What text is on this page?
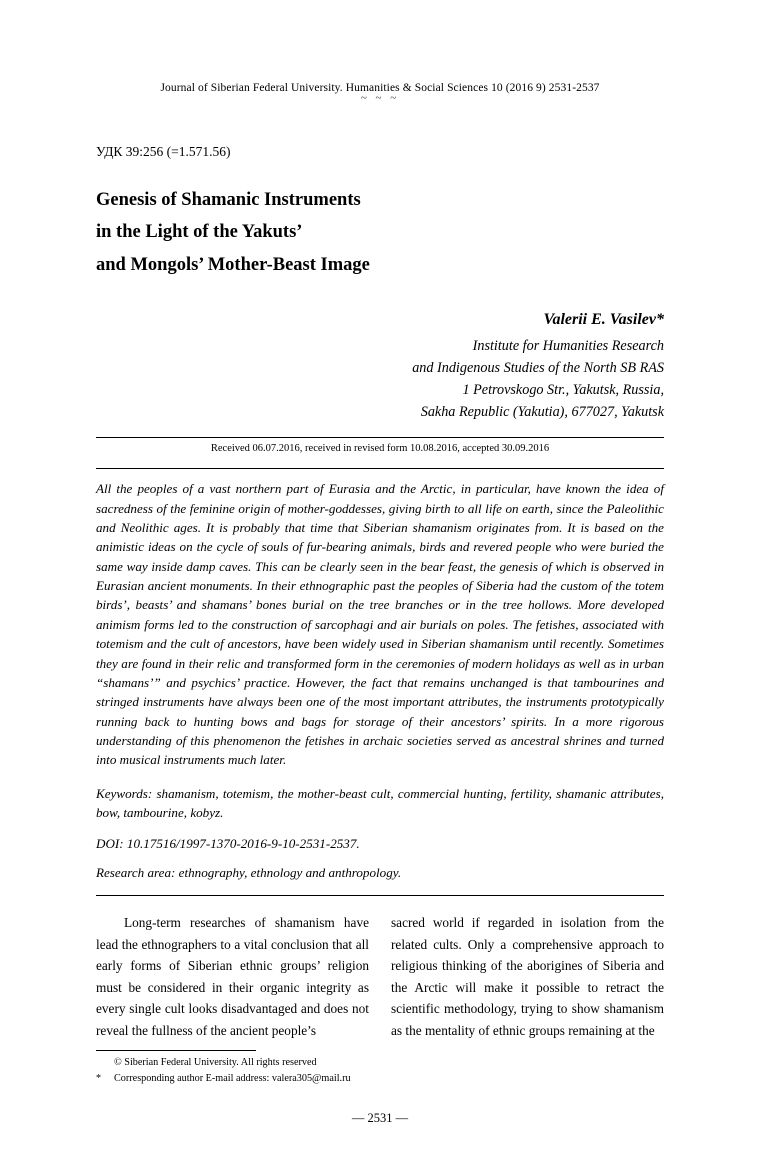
Journal of Siberian Federal University. Humanities & Social Sciences 10 (2016 9) 2531-2537
~ ~ ~
УДК 39:256 (=1.571.56)
Genesis of Shamanic Instruments
in the Light of the Yakuts’
and Mongols’ Mother-Beast Image
Valerii E. Vasilev*
Institute for Humanities Research
and Indigenous Studies of the North SB RAS
1 Petrovskogo Str., Yakutsk, Russia,
Sakha Republic (Yakutia), 677027, Yakutsk
Received 06.07.2016, received in revised form 10.08.2016, accepted 30.09.2016
All the peoples of a vast northern part of Eurasia and the Arctic, in particular, have known the idea of sacredness of the feminine origin of mother-goddesses, giving birth to all life on earth, since the Paleolithic and Neolithic ages. It is probably that time that Siberian shamanism originates from. It is based on the animistic ideas on the cycle of souls of fur-bearing animals, birds and revered people who were buried the same way inside damp caves. This can be clearly seen in the bear feast, the genesis of which is observed in Eurasian ancient monuments. In their ethnographic past the peoples of Siberia had the custom of the totem birds’, beasts’ and shamans’ bones burial on the tree branches or in the tree hollows. More developed animism forms led to the construction of sarcophagi and air burials on poles. The fetishes, associated with totemism and the cult of ancestors, have been widely used in Siberian shamanism until recently. Sometimes they are found in their relic and transformed form in the ceremonies of modern holidays as well as in urban “shamans’” and psychics’ practice. However, the fact that remains unchanged is that tambourines and stringed instruments have always been one of the most important attributes, the instruments prototypically running back to hunting bows and bags for storage of their ancestors’ spirits. In a more rigorous understanding of this phenomenon the fetishes in archaic societies served as ancestral shrines and turned into musical instruments much later.
Keywords: shamanism, totemism, the mother-beast cult, commercial hunting, fertility, shamanic attributes, bow, tambourine, kobyz.
DOI: 10.17516/1997-1370-2016-9-10-2531-2537.
Research area: ethnography, ethnology and anthropology.

Long-term researches of shamanism have lead the ethnographers to a vital conclusion that all early forms of Siberian ethnic groups’ religion must be considered in their organic integrity as every single cult looks disadvantaged and does not reveal the fullness of the ancient people’s

sacred world if regarded in isolation from the related cults. Only a comprehensive approach to religious thinking of the aborigines of Siberia and the Arctic will make it possible to retract the scientific methodology, trying to show shamanism as the mentality of ethnic groups remaining at the

© Siberian Federal University. All rights reserved
*	Corresponding author E-mail address: valera305@mail.ru
— 2531 —
